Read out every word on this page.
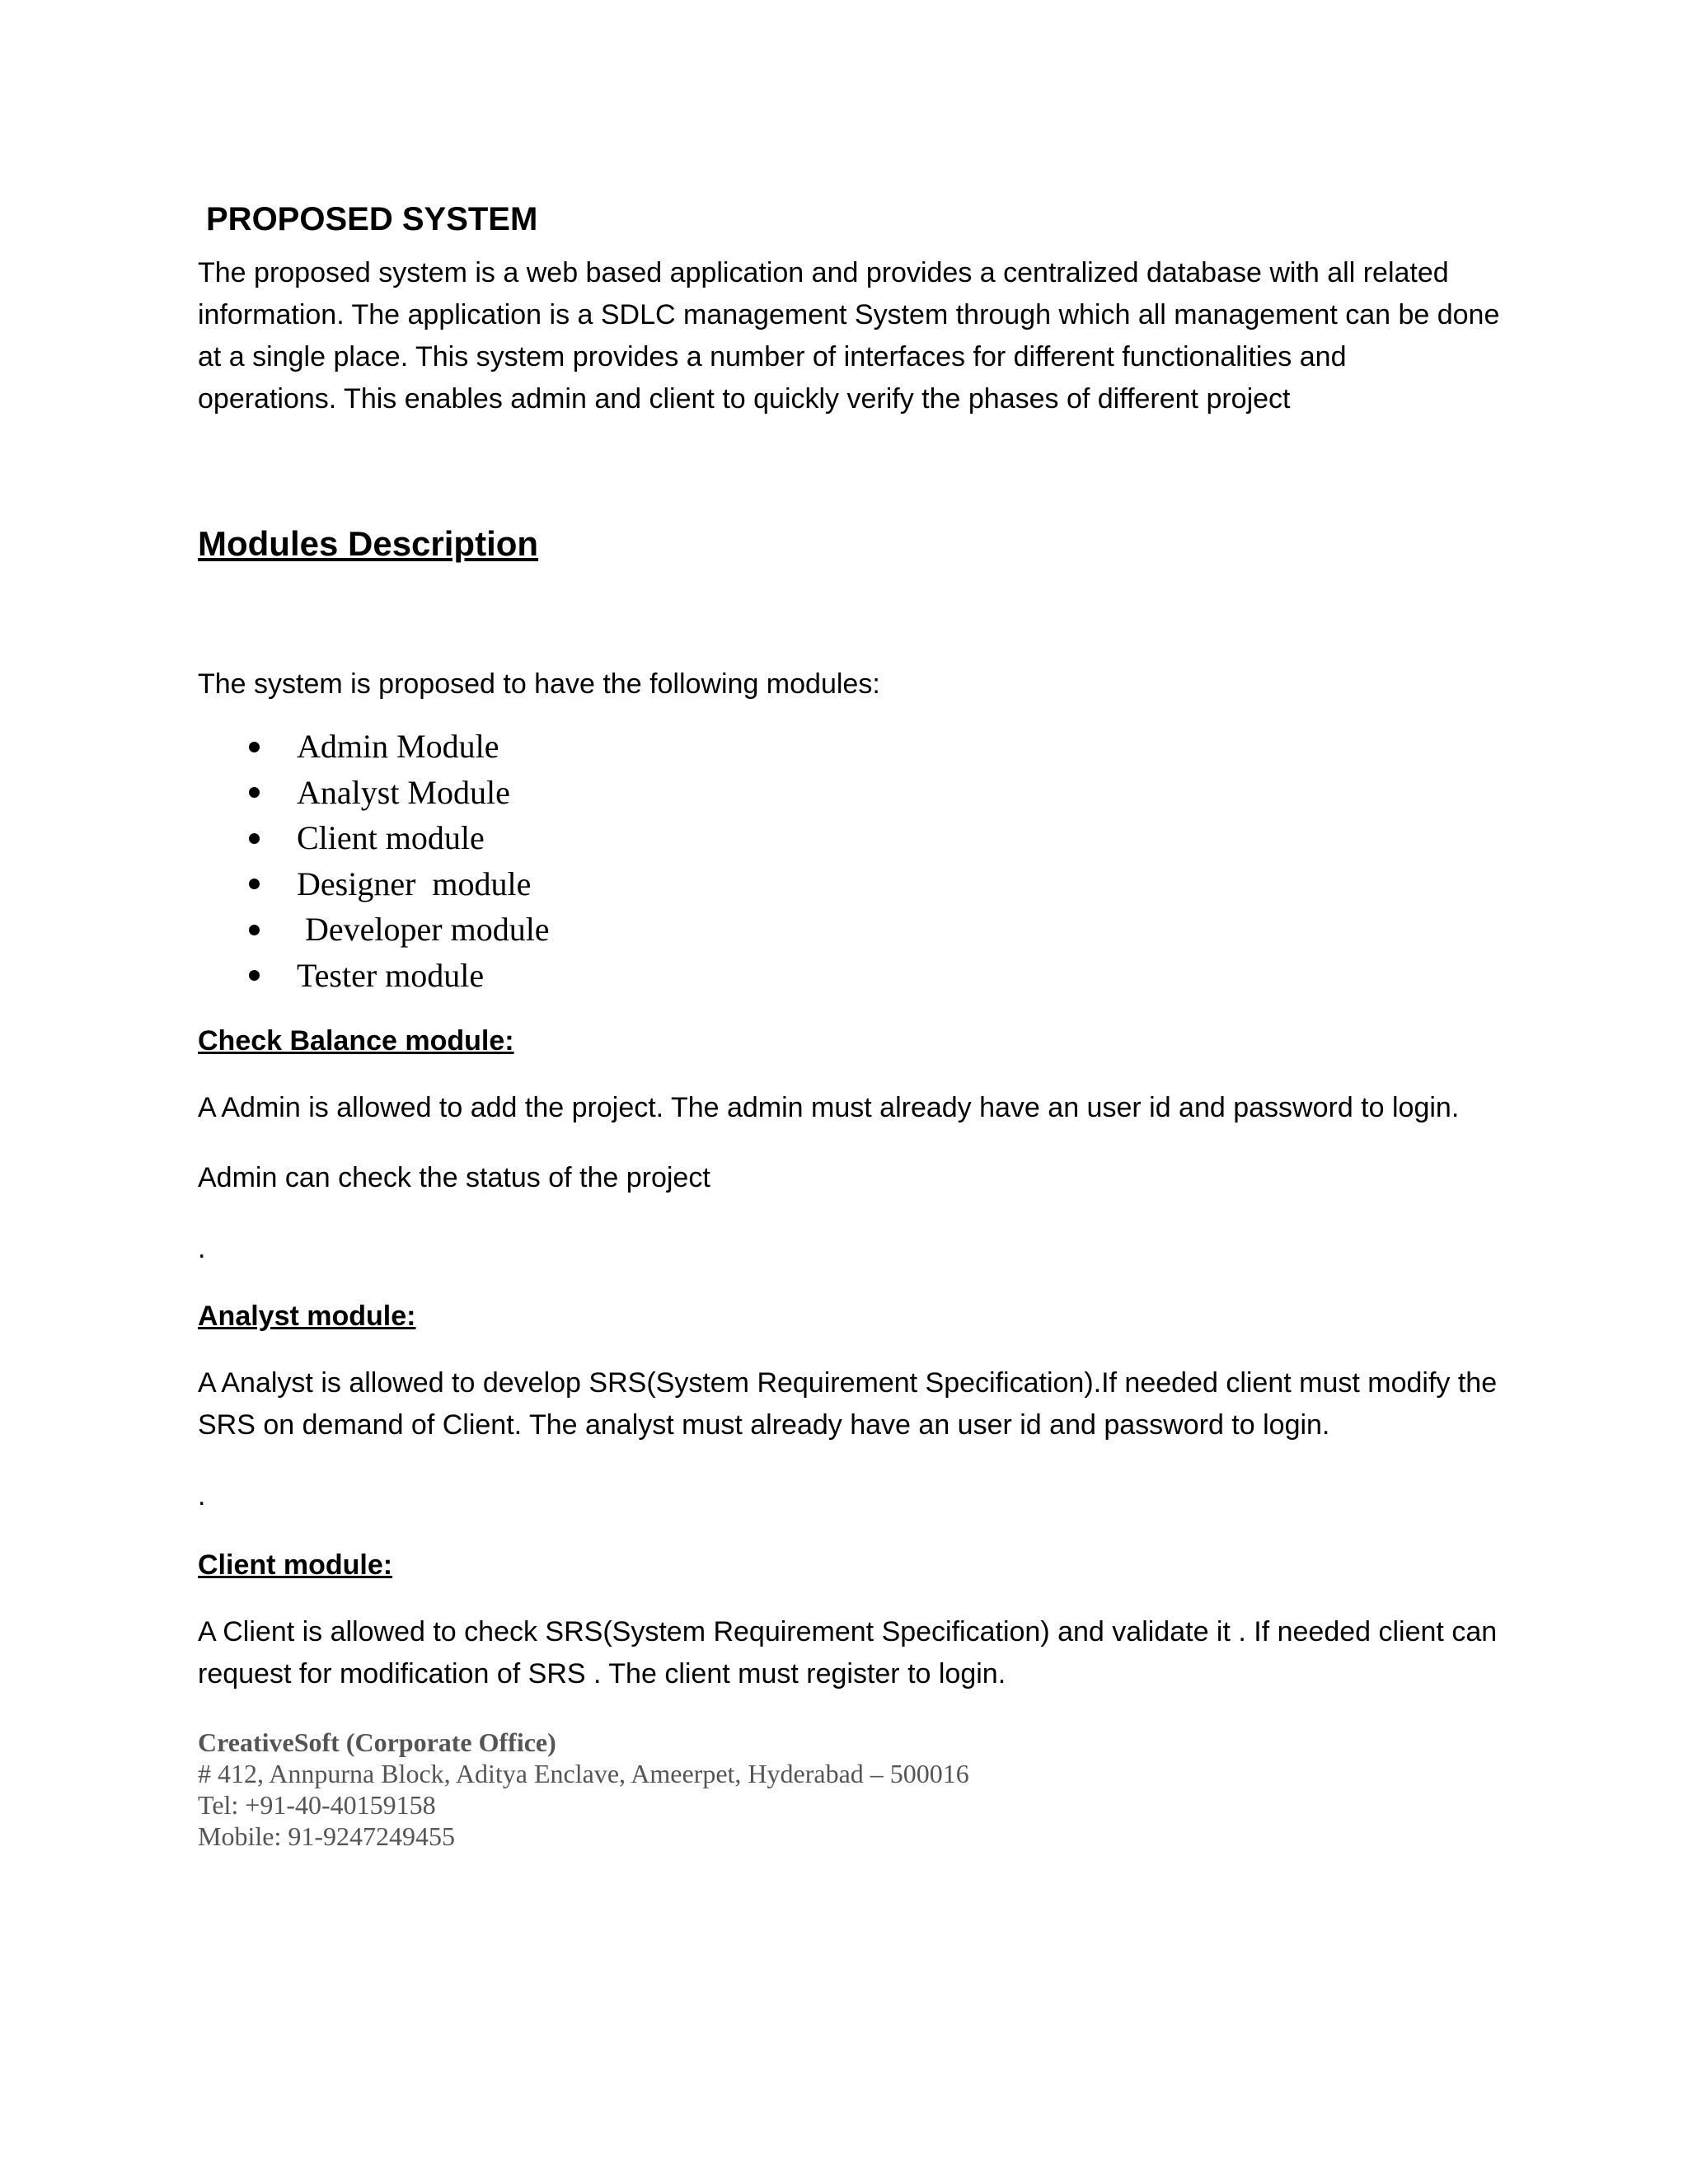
PROPOSED SYSTEM
The proposed system is a web based application and provides a centralized database with all related
information. The application is a SDLC management System through which all management can be done
at a single place. This system provides a number of interfaces for different functionalities and
operations. This enables admin and client to quickly verify the phases of different project
Modules Description

The system is proposed to have the following modules:

Admin Module
Analyst Module
Client module
Designer  module
Developer module
Tester module
Check Balance module:

A Admin is allowed to add the project. The admin must already have an user id and password to login.

Admin can check the status of the project

.

Analyst module:
A Analyst is allowed to develop SRS(System Requirement Specification).If needed client must modify the
SRS on demand of Client. The analyst must already have an user id and password to login.

.

Client module:
A Client is allowed to check SRS(System Requirement Specification) and validate it . If needed client can
request for modification of SRS . The client must register to login.
CreativeSoft (Corporate Office)
# 412, Annpurna Block, Aditya Enclave, Ameerpet, Hyderabad – 500016
Tel: +91-40-40159158
Mobile: 91-9247249455
